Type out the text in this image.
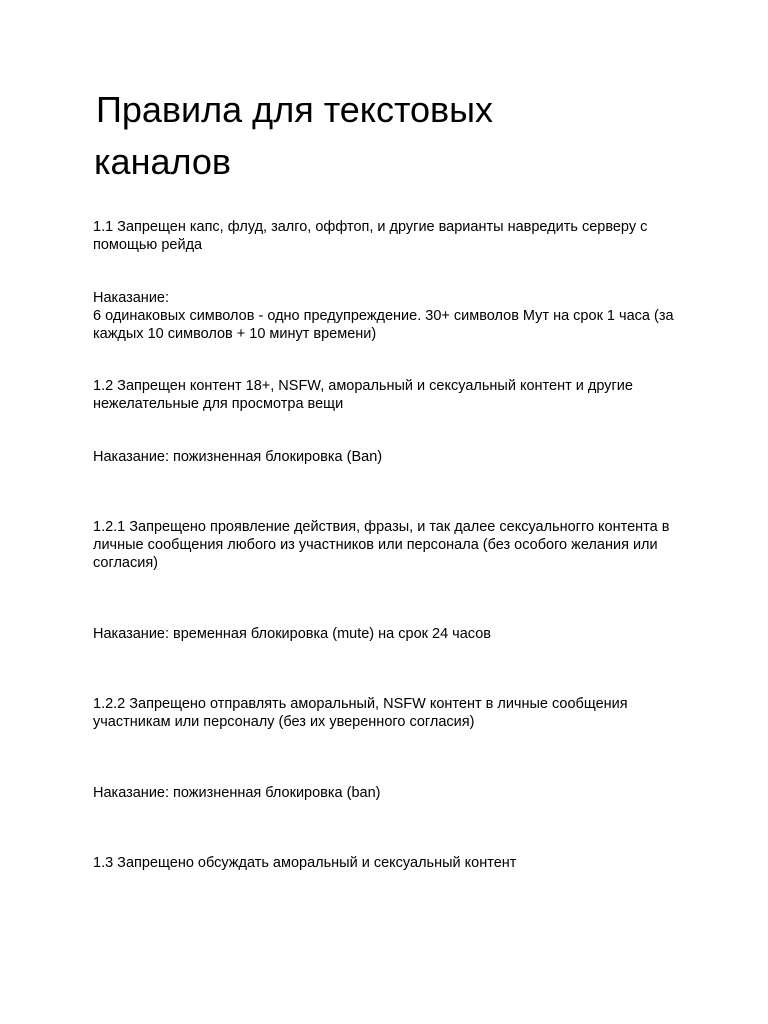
Правила для текстовых
каналов

1.1 Запрещен капс, флуд, залго, оффтоп, и другие варианты навредить серверу с
помощью рейда

Наказание:
6 одинаковых символов - одно предупреждение. 30+ символов Мут на срок 1 часа (за
каждых 10 символов + 10 минут времени)

1.2 Запрещен контент 18+, NSFW, аморальный и сексуальный контент и другие
нежелательные для просмотра вещи

Наказание: пожизненная блокировка (Ban)

1.2.1 Запрещено проявление действия, фразы, и так далее сексуальногго контента в
личные сообщения любого из участников или персонала (без особого желания или
согласия)

Наказание: временная блокировка (mute) на срок 24 часов

1.2.2 Запрещено отправлять аморальный, NSFW контент в личные сообщения
участникам или персоналу (без их уверенного согласия)

Наказание: пожизненная блокировка (ban)

1.3 Запрещено обсуждать аморальный и сексуальный контент
